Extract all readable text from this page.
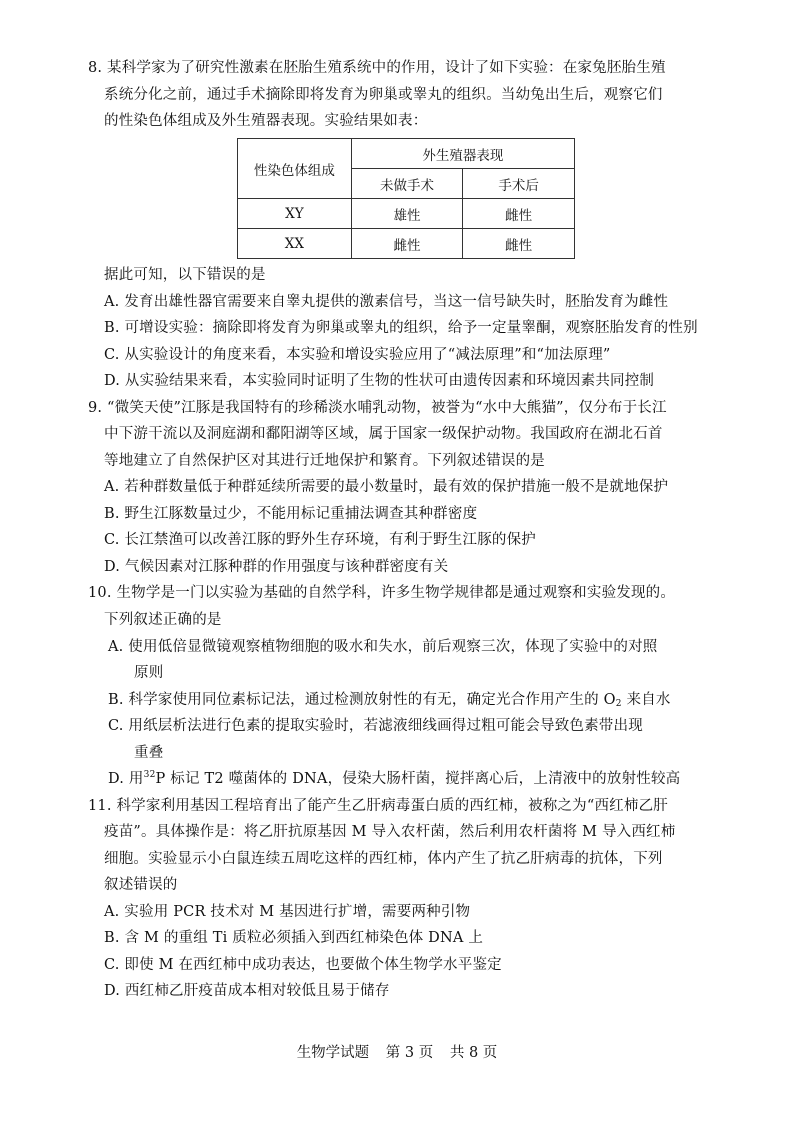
8. 某科学家为了研究性激素在胚胎生殖系统中的作用，设计了如下实验：在家兔胚胎生殖
系统分化之前，通过手术摘除即将发育为卵巢或睾丸的组织。当幼兔出生后，观察它们
的性染色体组成及外生殖器表现。实验结果如表：
性染色体组成	外生殖器表现	
	未做手术	手术后
XY	雄性	雌性
XX	雌性	雌性
据此可知，以下错误的是
A. 发育出雄性器官需要来自睾丸提供的激素信号，当这一信号缺失时，胚胎发育为雌性
B. 可增设实验：摘除即将发育为卵巢或睾丸的组织，给予一定量睾酮，观察胚胎发育的性别
C. 从实验设计的角度来看，本实验和增设实验应用了“减法原理”和“加法原理”
D. 从实验结果来看，本实验同时证明了生物的性状可由遗传因素和环境因素共同控制
9. “微笑天使”江豚是我国特有的珍稀淡水哺乳动物，被誉为“水中大熊猫”，仅分布于长江
中下游干流以及洞庭湖和鄱阳湖等区域，属于国家一级保护动物。我国政府在湖北石首
等地建立了自然保护区对其进行迁地保护和繁育。下列叙述错误的是
A. 若种群数量低于种群延续所需要的最小数量时，最有效的保护措施一般不是就地保护
B. 野生江豚数量过少，不能用标记重捕法调查其种群密度
C. 长江禁渔可以改善江豚的野外生存环境，有利于野生江豚的保护
D. 气候因素对江豚种群的作用强度与该种群密度有关
10. 生物学是一门以实验为基础的自然学科，许多生物学规律都是通过观察和实验发现的。
下列叙述正确的是
A. 使用低倍显微镜观察植物细胞的吸水和失水，前后观察三次，体现了实验中的对照
原则
B. 科学家使用同位素标记法，通过检测放射性的有无，确定光合作用产生的 $O_2$ 来自水
C. 用纸层析法进行色素的提取实验时，若滤液细线画得过粗可能会导致色素带出现
重叠
D. 用$^{32}$P 标记 T2 噬菌体的 DNA，侵染大肠杆菌，搅拌离心后，上清液中的放射性较高
11. 科学家利用基因工程培育出了能产生乙肝病毒蛋白质的西红柿，被称之为“西红柿乙肝
疫苗”。具体操作是：将乙肝抗原基因 M 导入农杆菌，然后利用农杆菌将 M 导入西红柿
细胞。实验显示小白鼠连续五周吃这样的西红柿，体内产生了抗乙肝病毒的抗体，下列
叙述错误的
A. 实验用 PCR 技术对 M 基因进行扩增，需要两种引物
B. 含 M 的重组 Ti 质粒必须插入到西红柿染色体 DNA 上
C. 即使 M 在西红柿中成功表达，也要做个体生物学水平鉴定
D. 西红柿乙肝疫苗成本相对较低且易于储存
生物学试题 第 3 页 共 8 页
